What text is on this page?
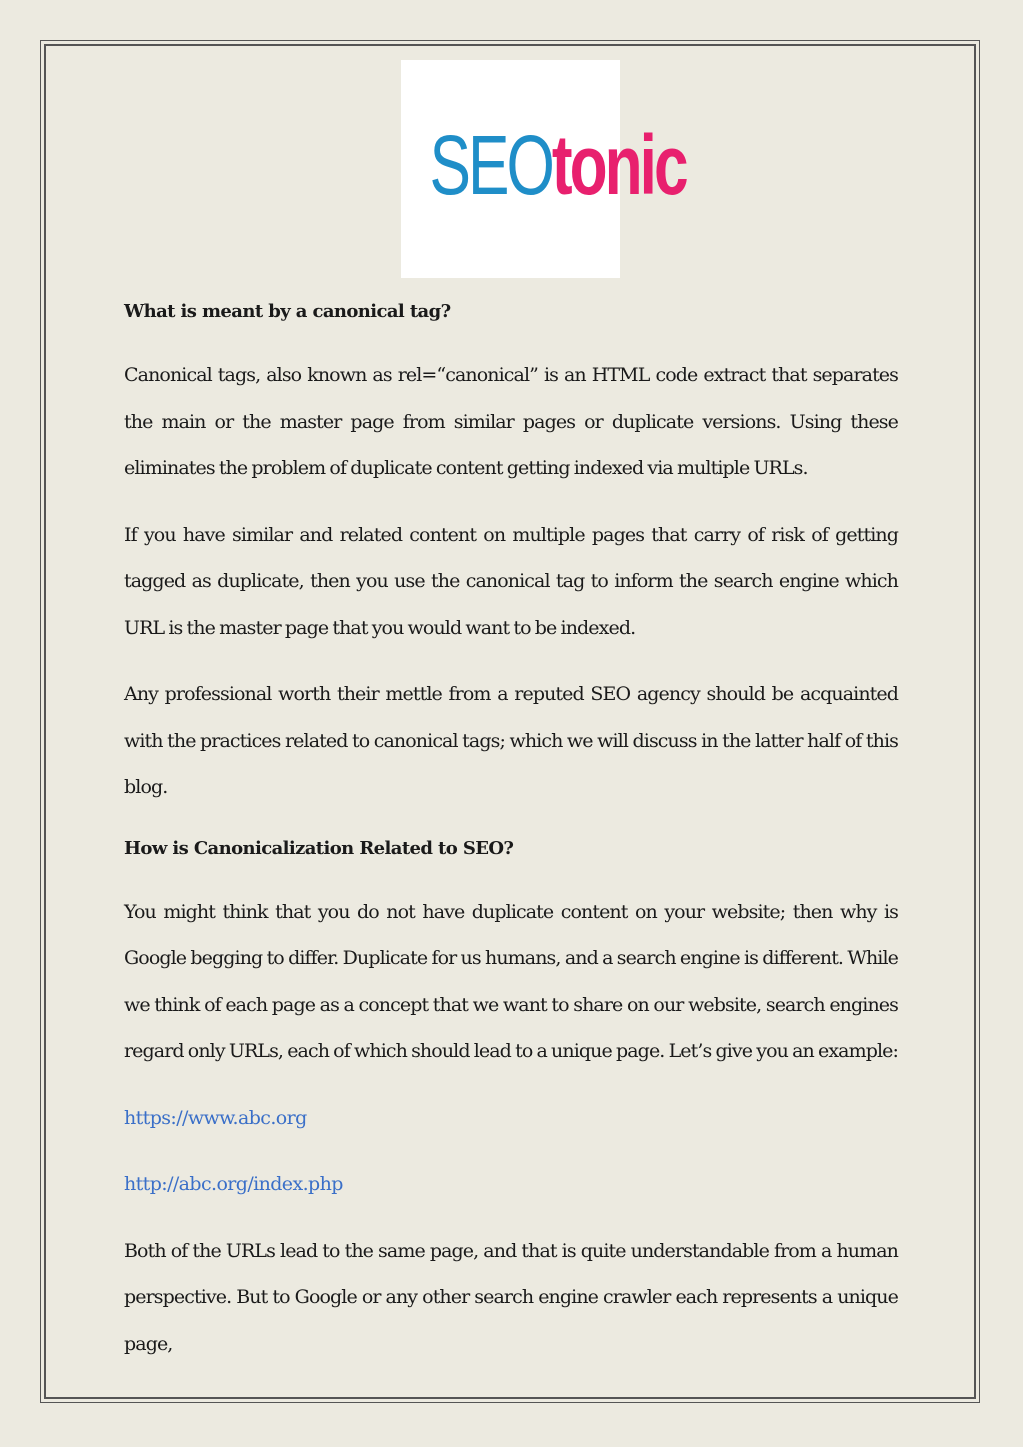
SEOtonic
What is meant by a canonical tag?

Canonical tags, also known as rel=“canonical” is an HTML code extract that separates the main or the master page from similar pages or duplicate versions. Using these eliminates the problem of duplicate content getting indexed via multiple URLs.

If you have similar and related content on multiple pages that carry of risk of getting tagged as duplicate, then you use the canonical tag to inform the search engine which URL is the master page that you would want to be indexed.

Any professional worth their mettle from a reputed SEO agency should be acquainted with the practices related to canonical tags; which we will discuss in the latter half of this blog.

How is Canonicalization Related to SEO?

You might think that you do not have duplicate content on your website; then why is Google begging to differ. Duplicate for us humans, and a search engine is different. While we think of each page as a concept that we want to share on our website, search engines regard only URLs, each of which should lead to a unique page. Let’s give you an example:

https://www.abc.org
http://abc.org/index.php

Both of the URLs lead to the same page, and that is quite understandable from a human perspective. But to Google or any other search engine crawler each represents a unique page,
